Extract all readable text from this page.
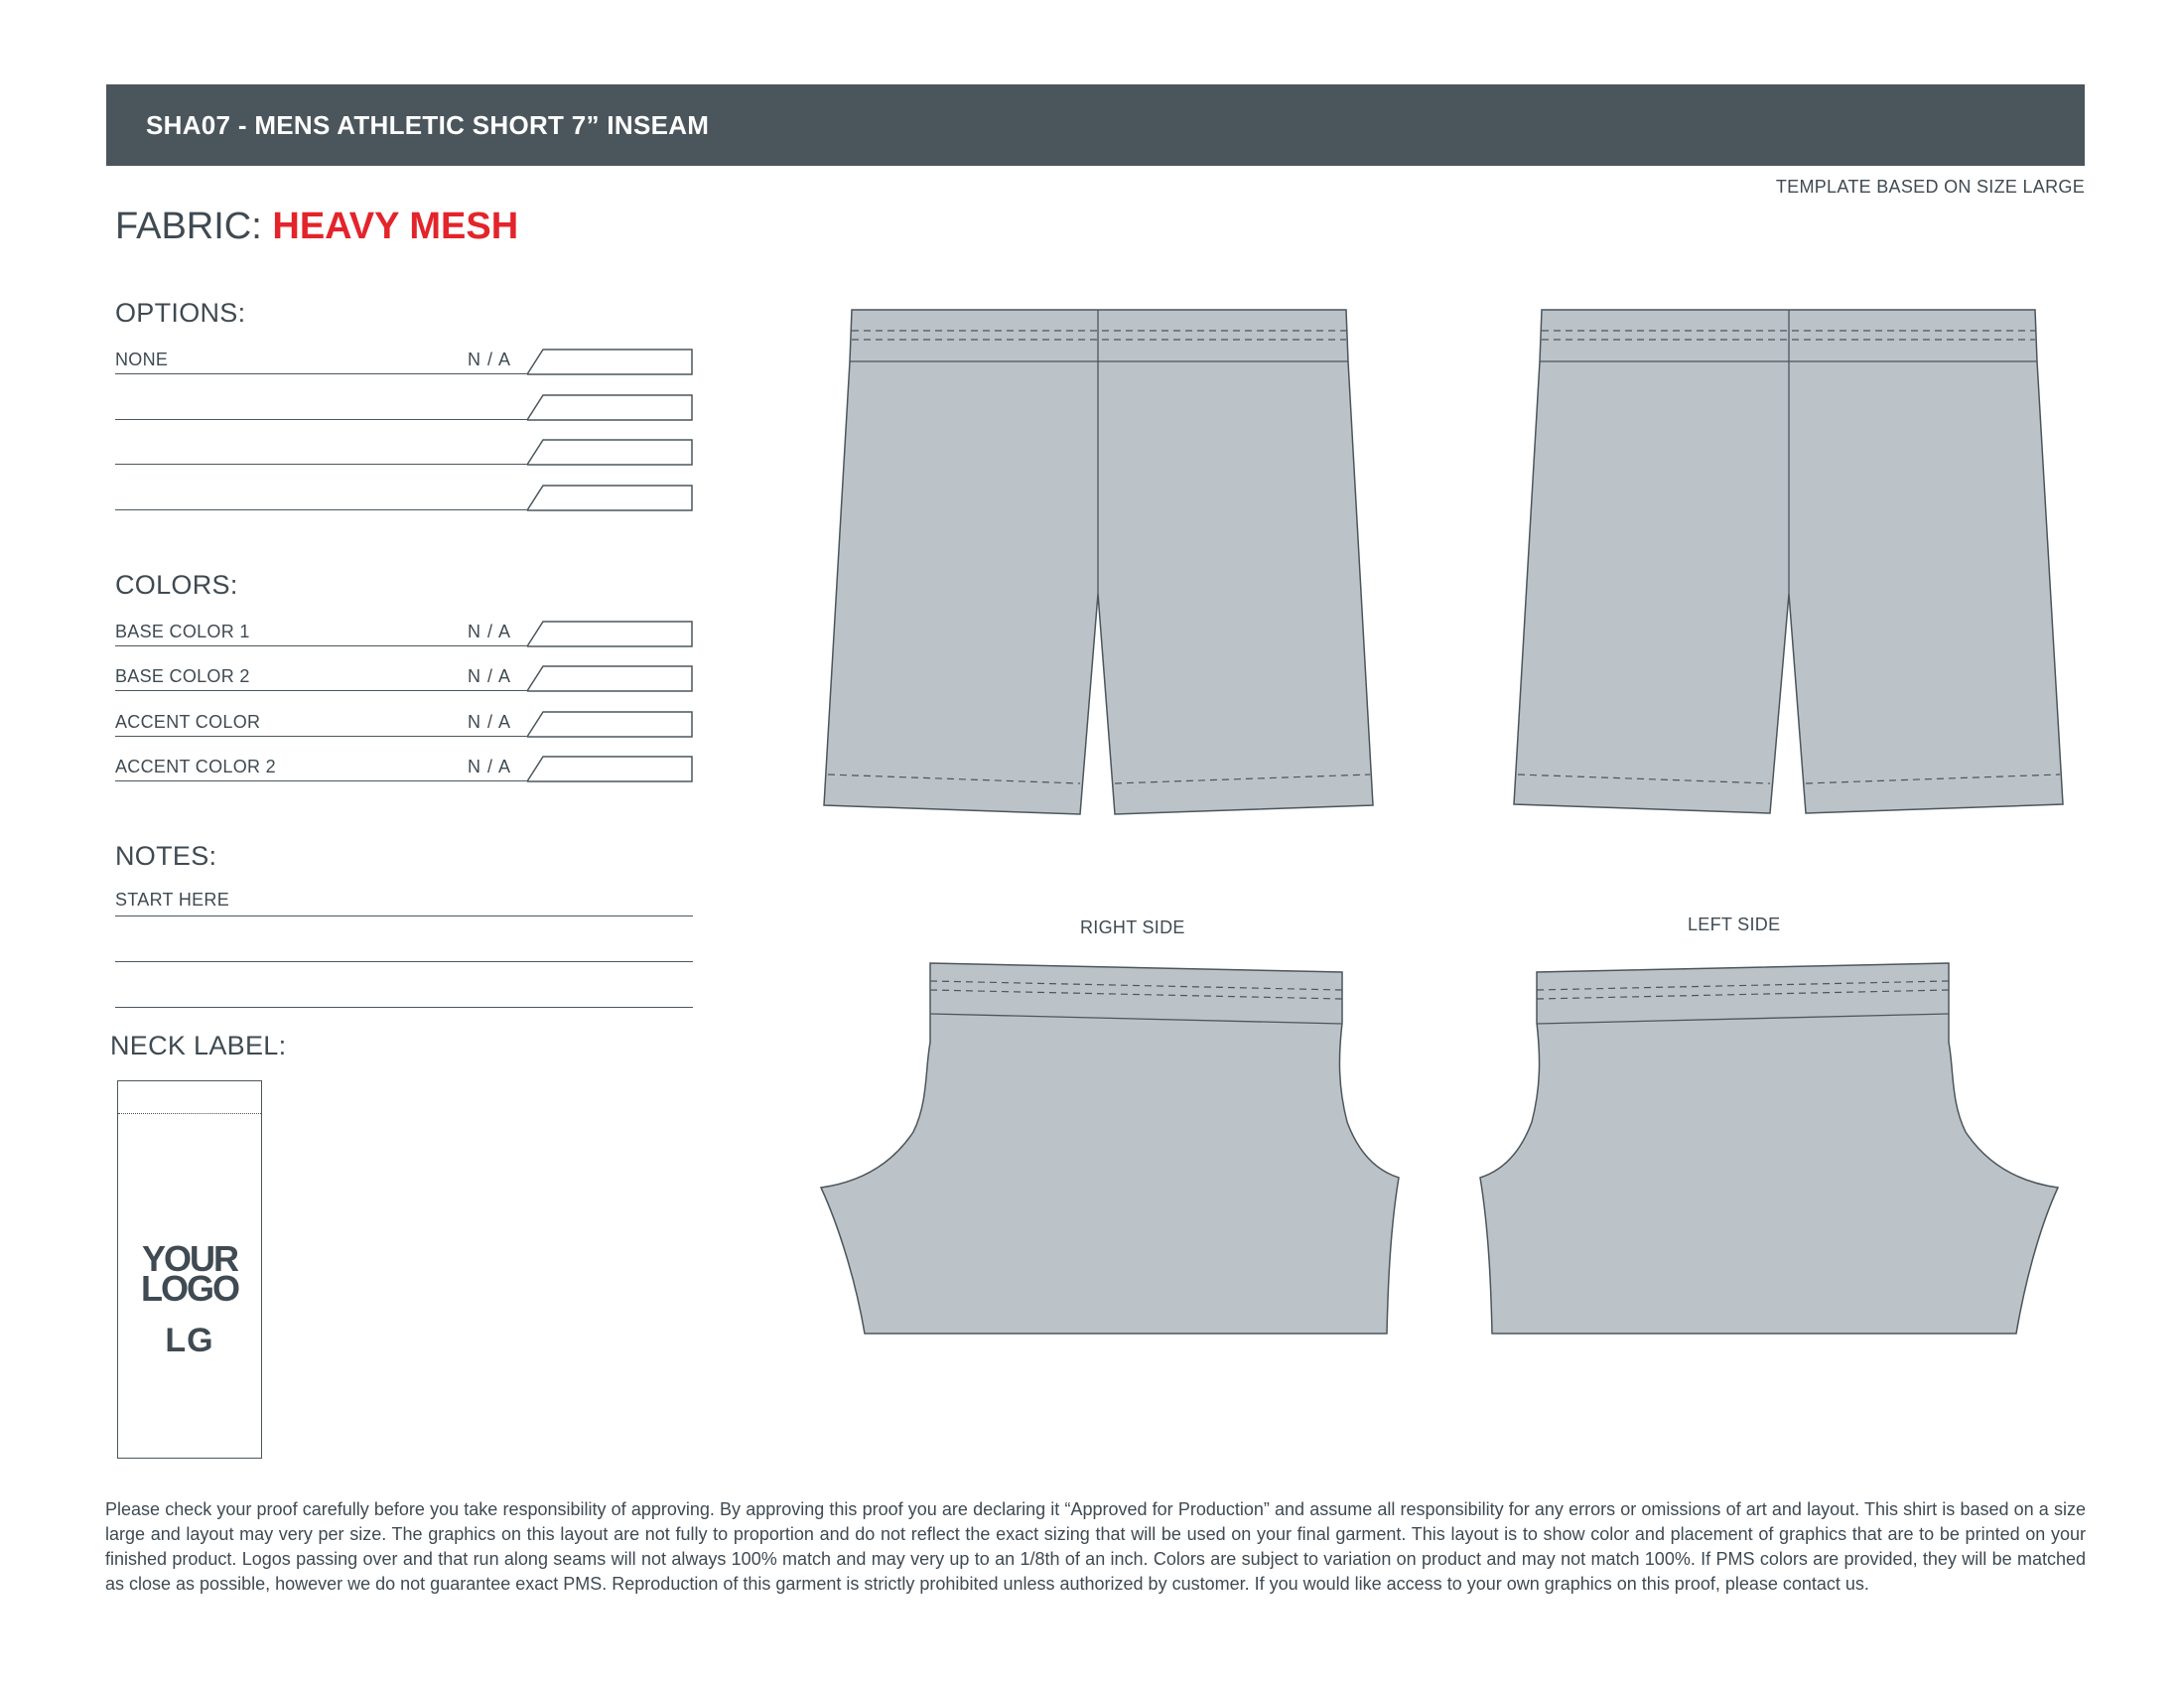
SHA07 - MENS ATHLETIC SHORT 7” INSEAM
TEMPLATE BASED ON SIZE LARGE
FABRIC: HEAVY MESH
OPTIONS:
NONE	N / A
COLORS:
BASE COLOR 1	N / A
BASE COLOR 2	N / A
ACCENT COLOR	N / A
ACCENT COLOR 2	N / A
NOTES:
START HERE
NECK LABEL:
YOUR
LOGO
LG
RIGHT SIDE	LEFT SIDE
Please check your proof carefully before you take responsibility of approving. By approving this proof you are declaring it “Approved for Production” and assume all responsibility for any errors or omissions of art and layout. This shirt is based on a size large and layout may very per size. The graphics on this layout are not fully to proportion and do not reflect the exact sizing that will be used on your final garment. This layout is to show color and placement of graphics that are to be printed on your finished product. Logos passing over and that run along seams will not always 100% match and may very up to an 1/8th of an inch. Colors are subject to variation on product and may not match 100%. If PMS colors are provided, they will be matched as close as possible, however we do not guarantee exact PMS. Reproduction of this garment is strictly prohibited unless authorized by customer. If you would like access to your own graphics on this proof, please contact us.
